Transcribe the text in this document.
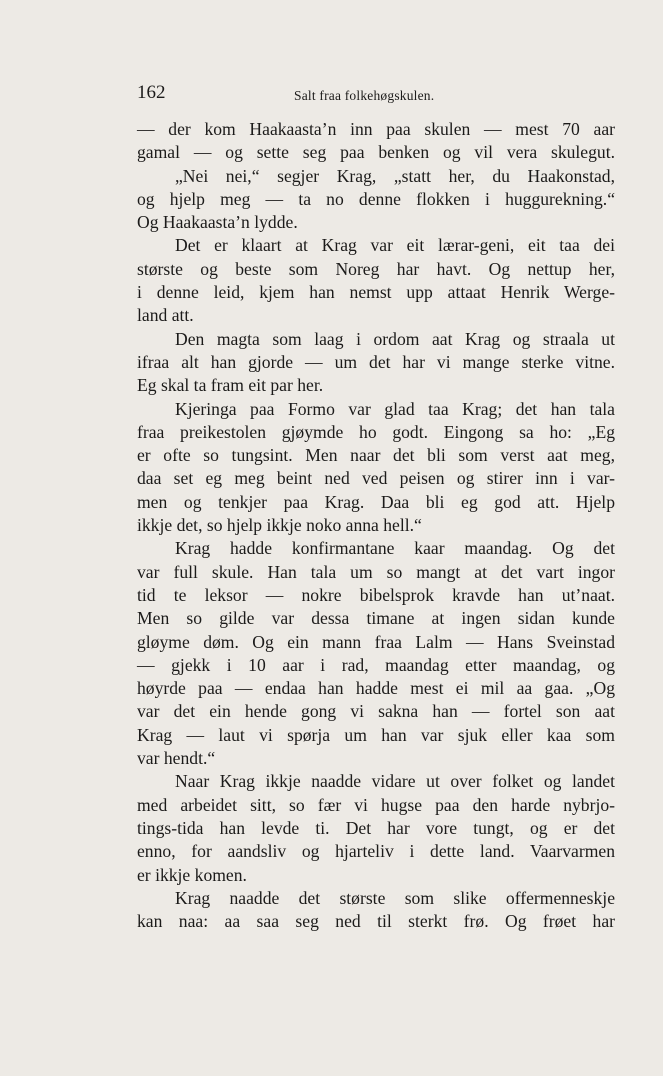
162	Salt fraa folkehøgskulen.
— der kom Haakaasta’n inn paa skulen — mest 70 aar
gamal — og sette seg paa benken og vil vera skulegut.
„Nei nei,“ segjer Krag, „statt her, du Haakonstad,
og hjelp meg — ta no denne flokken i huggurekning.“
Og Haakaasta’n lydde.
Det er klaart at Krag var eit lærar-geni, eit taa dei
største og beste som Noreg har havt. Og nettup her,
i denne leid, kjem han nemst upp attaat Henrik Werge-
land att.
Den magta som laag i ordom aat Krag og straala ut
ifraa alt han gjorde — um det har vi mange sterke vitne.
Eg skal ta fram eit par her.
Kjeringa paa Formo var glad taa Krag; det han tala
fraa preikestolen gjøymde ho godt. Eingong sa ho: „Eg
er ofte so tungsint. Men naar det bli som verst aat meg,
daa set eg meg beint ned ved peisen og stirer inn i var-
men og tenkjer paa Krag. Daa bli eg god att. Hjelp
ikkje det, so hjelp ikkje noko anna hell.“
Krag hadde konfirmantane kaar maandag. Og det
var full skule. Han tala um so mangt at det vart ingor
tid te leksor — nokre bibelsprok kravde han ut’naat.
Men so gilde var dessa timane at ingen sidan kunde
gløyme døm. Og ein mann fraa Lalm — Hans Sveinstad
— gjekk i 10 aar i rad, maandag etter maandag, og
høyrde paa — endaa han hadde mest ei mil aa gaa. „Og
var det ein hende gong vi sakna han — fortel son aat
Krag — laut vi spørja um han var sjuk eller kaa som
var hendt.“
Naar Krag ikkje naadde vidare ut over folket og landet
med arbeidet sitt, so fær vi hugse paa den harde nybrjo-
tings-tida han levde ti. Det har vore tungt, og er det
enno, for aandsliv og hjarteliv i dette land. Vaarvarmen
er ikkje komen.
Krag naadde det største som slike offermenneskje
kan naa: aa saa seg ned til sterkt frø. Og frøet har
